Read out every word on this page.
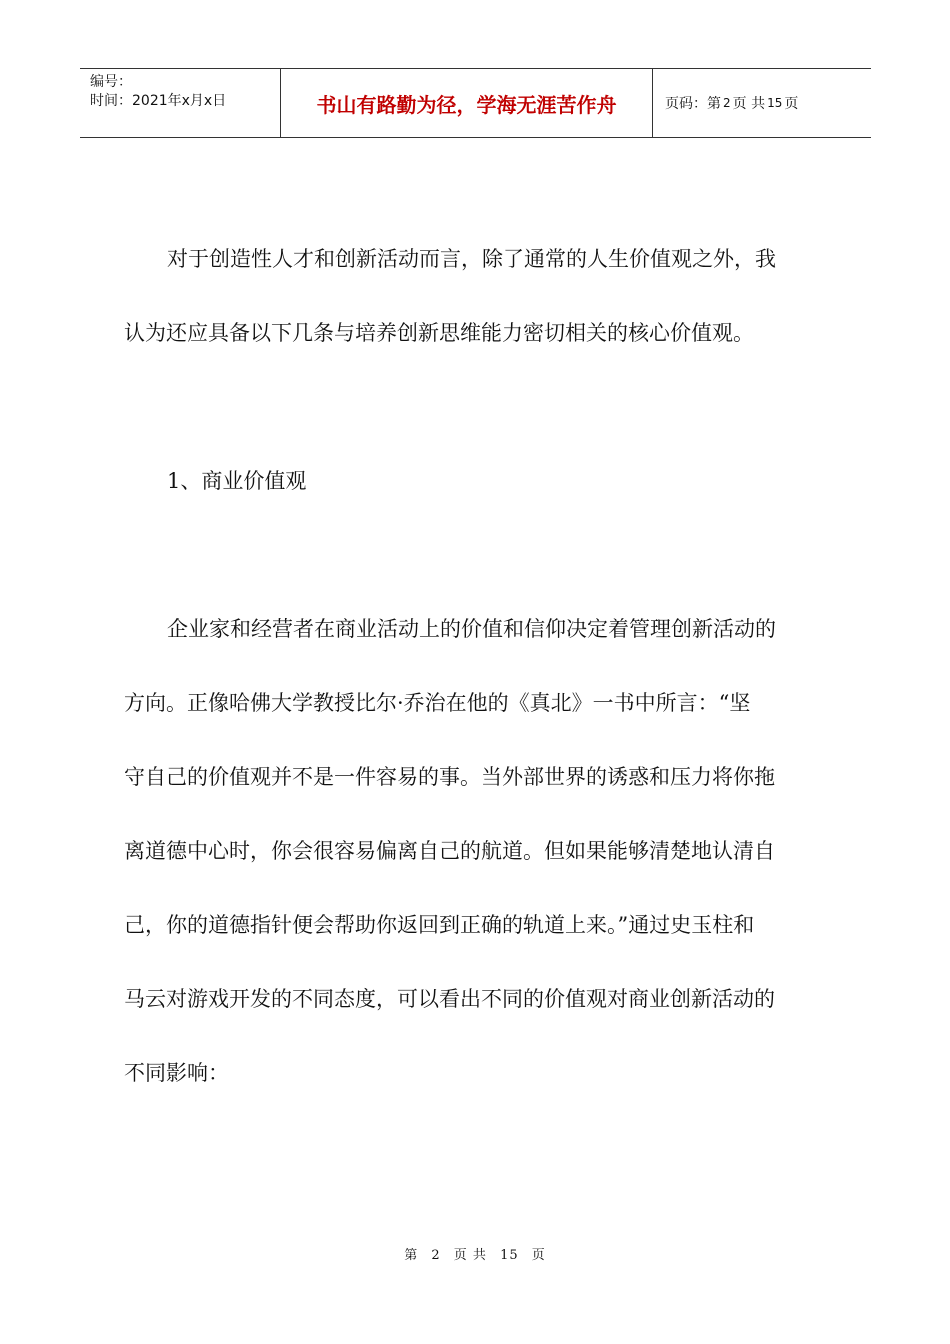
编号：
时间：2021年x月x日	书山有路勤为径，学海无涯苦作舟	页码：第 2 页 共 15 页
对于创造性人才和创新活动而言，除了通常的人生价值观之外，我
认为还应具备以下几条与培养创新思维能力密切相关的核心价值观。
1、商业价值观
企业家和经营者在商业活动上的价值和信仰决定着管理创新活动的
方向。正像哈佛大学教授比尔·乔治在他的《真北》一书中所言：“坚
守自己的价值观并不是一件容易的事。当外部世界的诱惑和压力将你拖
离道德中心时，你会很容易偏离自己的航道。但如果能够清楚地认清自
己，你的道德指针便会帮助你返回到正确的轨道上来。”通过史玉柱和
马云对游戏开发的不同态度，可以看出不同的价值观对商业创新活动的
不同影响：
第 2 页 共 15 页
